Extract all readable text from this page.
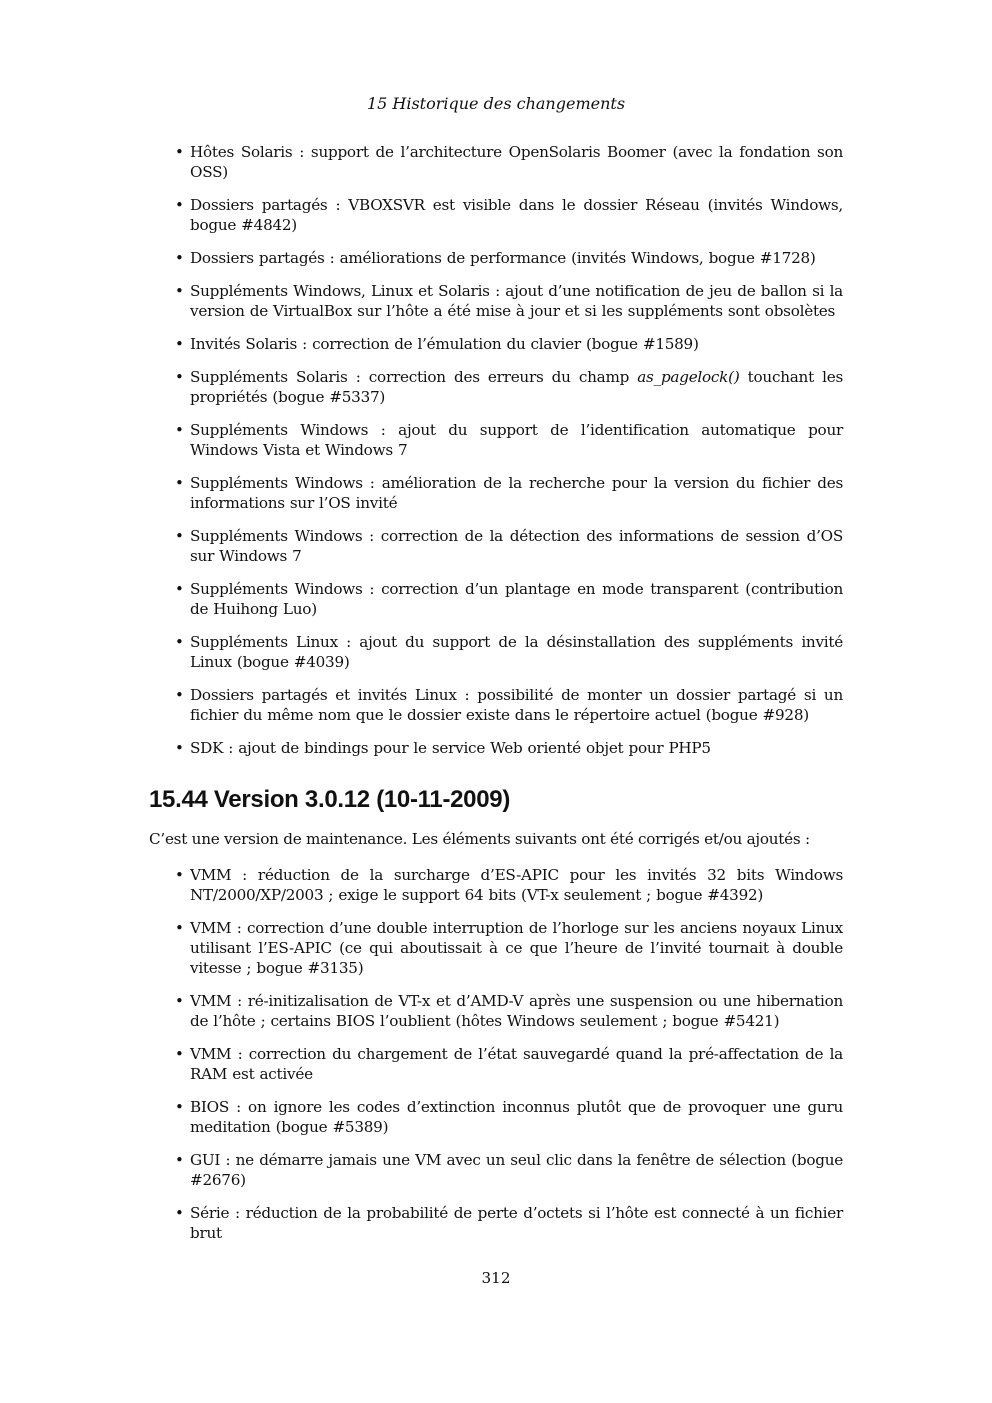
15 Historique des changements
• Hôtes Solaris : support de l’architecture OpenSolaris Boomer (avec la fondation son OSS)
• Dossiers partagés : VBOXSVR est visible dans le dossier Réseau (invités Windows, bogue #4842)
• Dossiers partagés : améliorations de performance (invités Windows, bogue #1728)
• Suppléments Windows, Linux et Solaris : ajout d’une notification de jeu de ballon si la version de VirtualBox sur l’hôte a été mise à jour et si les suppléments sont obsolètes
• Invités Solaris : correction de l’émulation du clavier (bogue #1589)
• Suppléments Solaris : correction des erreurs du champ as_pagelock() touchant les propriétés (bogue #5337)
• Suppléments Windows : ajout du support de l’identification automatique pour Windows Vista et Windows 7
• Suppléments Windows : amélioration de la recherche pour la version du fichier des informations sur l’OS invité
• Suppléments Windows : correction de la détection des informations de session d’OS sur Windows 7
• Suppléments Windows : correction d’un plantage en mode transparent (contribution de Huihong Luo)
• Suppléments Linux : ajout du support de la désinstallation des suppléments invité Linux (bogue #4039)
• Dossiers partagés et invités Linux : possibilité de monter un dossier partagé si un fichier du même nom que le dossier existe dans le répertoire actuel (bogue #928)
• SDK : ajout de bindings pour le service Web orienté objet pour PHP5
15.44 Version 3.0.12 (10-11-2009)

C’est une version de maintenance. Les éléments suivants ont été corrigés et/ou ajoutés :

• VMM : réduction de la surcharge d’ES-APIC pour les invités 32 bits Windows NT/2000/XP/2003 ; exige le support 64 bits (VT-x seulement ; bogue #4392)
• VMM : correction d’une double interruption de l’horloge sur les anciens noyaux Linux utilisant l’ES-APIC (ce qui aboutissait à ce que l’heure de l’invité tournait à double vitesse ; bogue #3135)
• VMM : ré-initizalisation de VT-x et d’AMD-V après une suspension ou une hibernation de l’hôte ; certains BIOS l’oublient (hôtes Windows seulement ; bogue #5421)
• VMM : correction du chargement de l’état sauvegardé quand la pré-affectation de la RAM est activée
• BIOS : on ignore les codes d’extinction inconnus plutôt que de provoquer une guru meditation (bogue #5389)
• GUI : ne démarre jamais une VM avec un seul clic dans la fenêtre de sélection (bogue #2676)
• Série : réduction de la probabilité de perte d’octets si l’hôte est connecté à un fichier brut
312
